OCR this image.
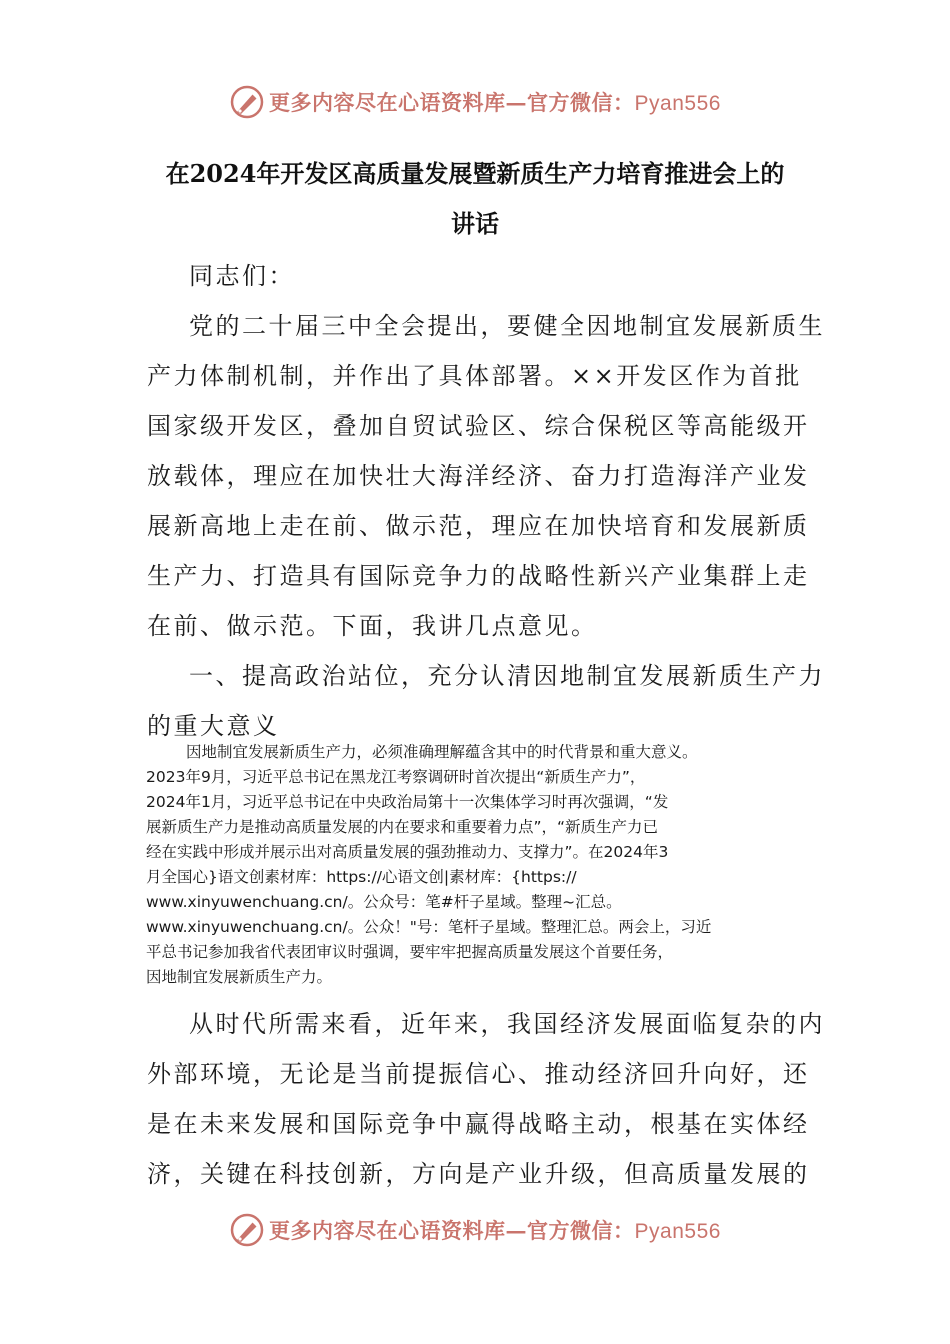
更多内容尽在心语资料库—官方微信：Pyan556
在2024年开发区高质量发展暨新质生产力培育推进会上的
讲话
同志们：
党的二十届三中全会提出，要健全因地制宜发展新质生
产力体制机制，并作出了具体部署。××开发区作为首批
国家级开发区，叠加自贸试验区、综合保税区等高能级开
放载体，理应在加快壮大海洋经济、奋力打造海洋产业发
展新高地上走在前、做示范，理应在加快培育和发展新质
生产力、打造具有国际竞争力的战略性新兴产业集群上走
在前、做示范。下面，我讲几点意见。
一、提高政治站位，充分认清因地制宜发展新质生产力
的重大意义
因地制宜发展新质生产力，必须准确理解蕴含其中的时代背景和重大意义。
2023年9月，习近平总书记在黑龙江考察调研时首次提出“新质生产力”，
2024年1月，习近平总书记在中央政治局第十一次集体学习时再次强调，“发
展新质生产力是推动高质量发展的内在要求和重要着力点”，“新质生产力已
经在实践中形成并展示出对高质量发展的强劲推动力、支撑力”。在2024年3
月全国心}语文创素材库：https://心语文创|素材库：{https://
www.xinyuwenchuang.cn/。公众号：笔#杆子星域。整理~汇总。
www.xinyuwenchuang.cn/。公众！"号：笔杆子星域。整理汇总。两会上，习近
平总书记参加我省代表团审议时强调，要牢牢把握高质量发展这个首要任务，
因地制宜发展新质生产力。
从时代所需来看，近年来，我国经济发展面临复杂的内
外部环境，无论是当前提振信心、推动经济回升向好，还
是在未来发展和国际竞争中赢得战略主动，根基在实体经
济，关键在科技创新，方向是产业升级，但高质量发展的
更多内容尽在心语资料库—官方微信：Pyan556
